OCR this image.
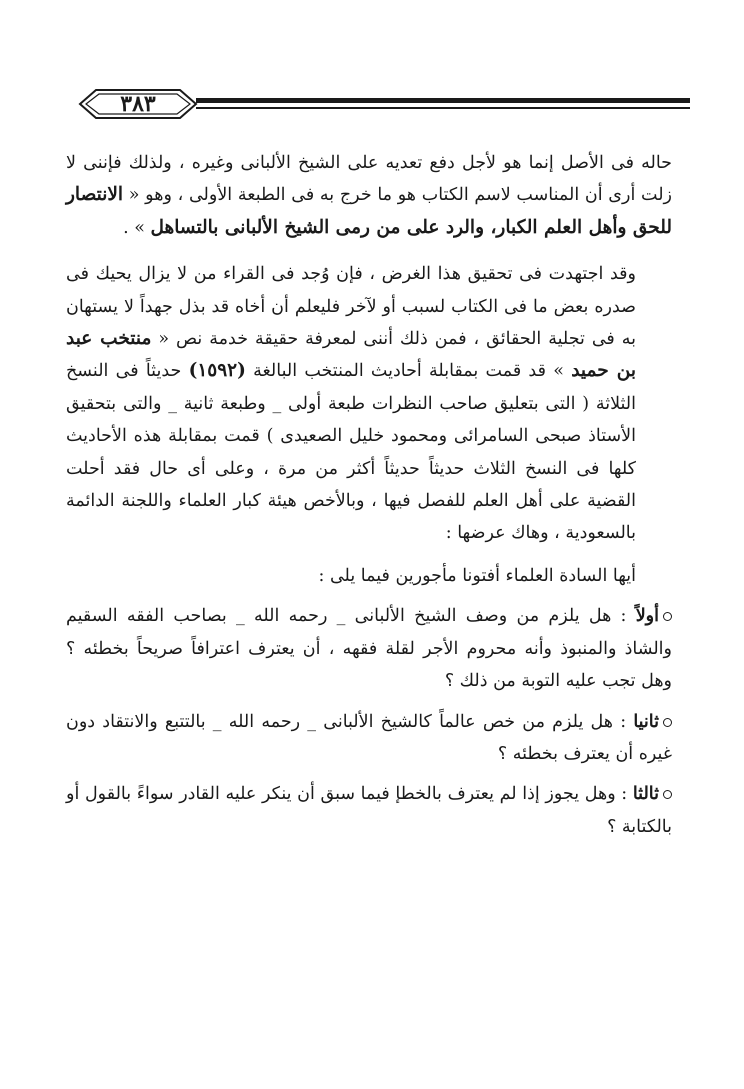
٣٨٣

حاله فى الأصل إنما هو لأجل دفع تعديه على الشيخ الألبانى وغيره ، ولذلك فإننى لا زلت أرى أن المناسب لاسم الكتاب هو ما خرج به فى الطبعة الأولى ، وهو « الانتصار للحق وأهل العلم الكبار، والرد على من رمى الشيخ الألبانى بالتساهل » .

وقد اجتهدت فى تحقيق هذا الغرض ، فإن وُجد فى القراء من لا يزال يحيك فى صدره بعض ما فى الكتاب لسبب أو لآخر فليعلم أن أخاه قد بذل جهداً لا يستهان به فى تجلية الحقائق ، فمن ذلك أننى لمعرفة حقيقة خدمة نص « منتخب عبد بن حميد » قد قمت بمقابلة أحاديث المنتخب البالغة (١٥٩٢) حديثاً فى النسخ الثلاثة ( التى بتعليق صاحب النظرات طبعة أولى _ وطبعة ثانية _ والتى بتحقيق الأستاذ صبحى السامرائى ومحمود خليل الصعيدى ) قمت بمقابلة هذه الأحاديث كلها فى النسخ الثلاث حديثاً حديثاً أكثر من مرة ، وعلى أى حال فقد أحلت القضية على أهل العلم للفصل فيها ، وبالأخص هيئة كبار العلماء واللجنة الدائمة بالسعودية ، وهاك عرضها :

أيها السادة العلماء أفتونا مأجورين فيما يلى :

أولاً : هل يلزم من وصف الشيخ الألبانى _ رحمه الله _ بصاحب الفقه السقيم والشاذ والمنبوذ وأنه محروم الأجر لقلة فقهه ، أن يعترف اعترافاً صريحاً بخطئه ؟ وهل تجب عليه التوبة من ذلك ؟

ثانيا : هل يلزم من خص عالماً كالشيخ الألبانى _ رحمه الله _ بالتتبع والانتقاد دون غيره أن يعترف بخطئه ؟

ثالثا : وهل يجوز إذا لم يعترف بالخطإ فيما سبق أن ينكر عليه القادر سواءً بالقول أو بالكتابة ؟
